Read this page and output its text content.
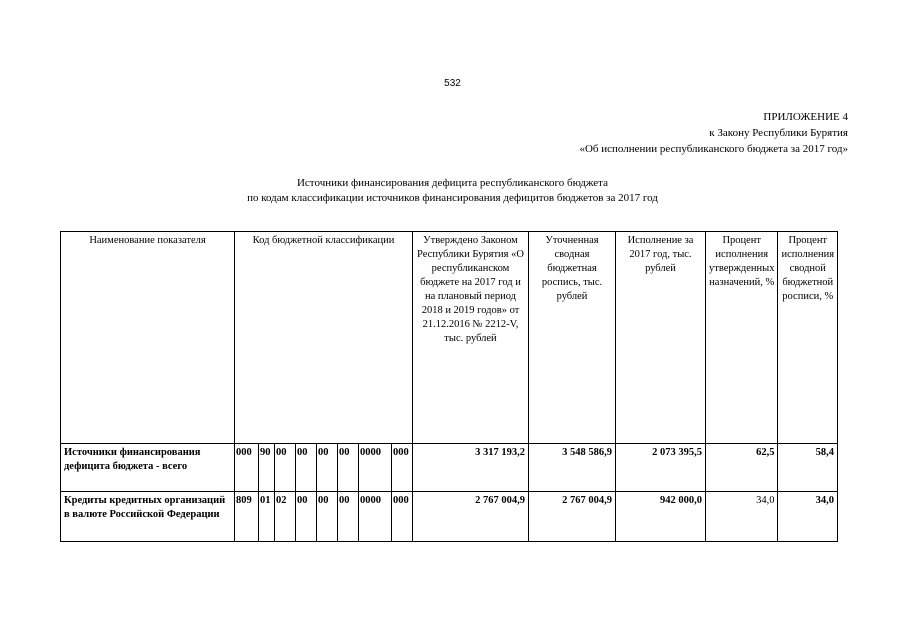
532
ПРИЛОЖЕНИЕ 4
к Закону Республики Бурятия
«Об исполнении республиканского бюджета за 2017 год»
Источники финансирования дефицита республиканского бюджета
по кодам классификации источников финансирования дефицитов бюджетов за 2017 год
Наименование показателя	Код бюджетной классификации								Утверждено Законом Республики Бурятия «О республиканском бюджете на 2017 год и на плановый период 2018 и 2019 годов» от 21.12.2016 № 2212-V, тыс. рублей	Уточненная сводная бюджетная роспись, тыс. рублей	Исполнение за 2017 год, тыс. рублей	Процент исполнения утвержденных назначений, %	Процент исполнения сводной бюджетной росписи, %
Источники финансирования дефицита бюджета - всего	000	90	00	00	00	00	0000	000	3 317 193,2	3 548 586,9	2 073 395,5	62,5	58,4
Кредиты кредитных организаций в валюте Российской Федерации	809	01	02	00	00	00	0000	000	2 767 004,9	2 767 004,9	942 000,0	34,0	34,0
